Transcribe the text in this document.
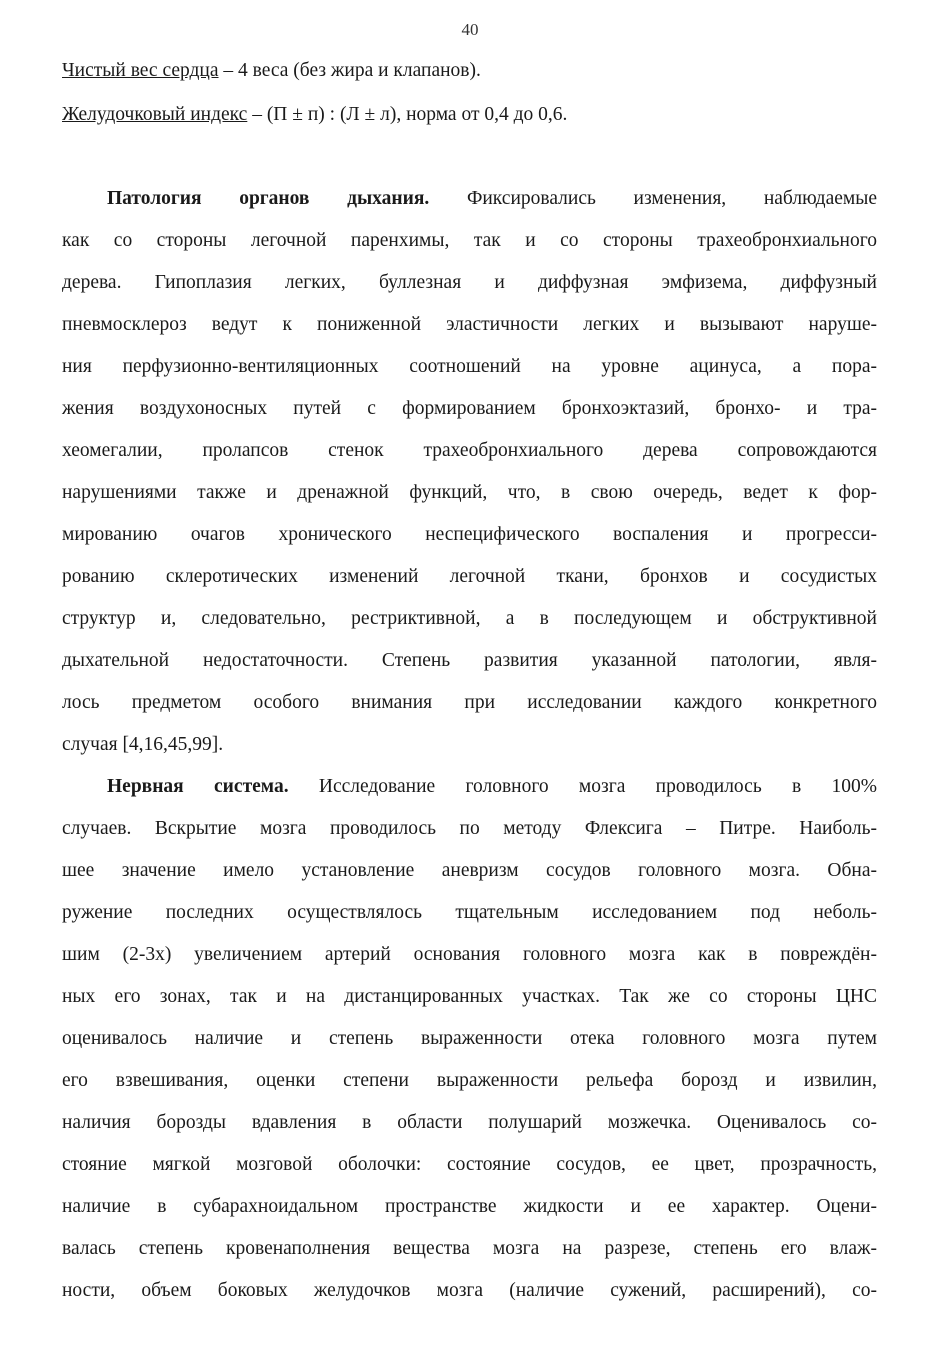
40
Чистый вес сердца – 4 веса (без жира и клапанов).
Желудочковый индекс – (П ± п) : (Л ± л), норма от 0,4 до 0,6.
Патология органов дыхания. Фиксировались изменения, наблюдаемые
как со стороны легочной паренхимы, так и со стороны трахеобронхиального
дерева. Гипоплазия легких, буллезная и диффузная эмфизема, диффузный
пневмосклероз ведут к пониженной эластичности легких и вызывают наруше-
ния перфузионно-вентиляционных соотношений на уровне ацинуса, а пора-
жения воздухоносных путей с формированием бронхоэктазий, бронхо- и тра-
хеомегалии, пролапсов стенок трахеобронхиального дерева сопровождаются
нарушениями также и дренажной функций, что, в свою очередь, ведет к фор-
мированию очагов хронического неспецифического воспаления и прогресси-
рованию склеротических изменений легочной ткани, бронхов и сосудистых
структур и, следовательно, рестриктивной, а в последующем и обструктивной
дыхательной недостаточности. Степень развития указанной патологии, явля-
лось предметом особого внимания при исследовании каждого конкретного
случая [4,16,45,99].
Нервная система. Исследование головного мозга проводилось в 100%
случаев. Вскрытие мозга проводилось по методу Флексига – Питре. Наиболь-
шее значение имело установление аневризм сосудов головного мозга. Обна-
ружение последних осуществлялось тщательным исследованием под неболь-
шим (2-3х) увеличением артерий основания головного мозга как в повреждён-
ных его зонах, так и на дистанцированных участках. Так же со стороны ЦНС
оценивалось наличие и степень выраженности отека головного мозга путем
его взвешивания, оценки степени выраженности рельефа борозд и извилин,
наличия борозды вдавления в области полушарий мозжечка. Оценивалось со-
стояние мягкой мозговой оболочки: состояние сосудов, ее цвет, прозрачность,
наличие в субарахноидальном пространстве жидкости и ее характер. Оцени-
валась степень кровенаполнения вещества мозга на разрезе, степень его влаж-
ности, объем боковых желудочков мозга (наличие сужений, расширений), со-
